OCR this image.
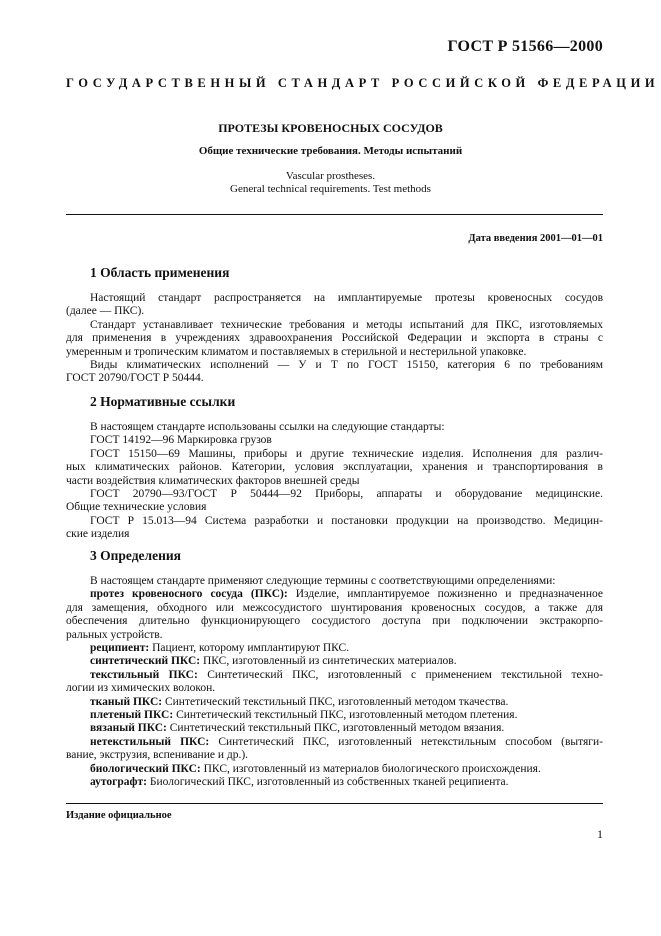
ГОСТ Р 51566—2000
ГОСУДАРСТВЕННЫЙ СТАНДАРТ РОССИЙСКОЙ ФЕДЕРАЦИИ
ПРОТЕЗЫ КРОВЕНОСНЫХ СОСУДОВ
Общие технические требования. Методы испытаний
Vascular prostheses.
General technical requirements. Test methods
Дата введения 2001—01—01
1 Область применения
Настоящий стандарт распространяется на имплантируемые протезы кровеносных сосудов
(далее — ПКС).
Стандарт устанавливает технические требования и методы испытаний для ПКС, изготовляемых
для применения в учреждениях здравоохранения Российской Федерации и экспорта в страны с
умеренным и тропическим климатом и поставляемых в стерильной и нестерильной упаковке.
Виды климатических исполнений — У и Т по ГОСТ 15150, категория 6 по требованиям
ГОСТ 20790/ГОСТ Р 50444.
2 Нормативные ссылки
В настоящем стандарте использованы ссылки на следующие стандарты:
ГОСТ 14192—96 Маркировка грузов
ГОСТ 15150—69 Машины, приборы и другие технические изделия. Исполнения для различ-
ных климатических районов. Категории, условия эксплуатации, хранения и транспортирования в
части воздействия климатических факторов внешней среды
ГОСТ 20790—93/ГОСТ Р 50444—92 Приборы, аппараты и оборудование медицинские.
Общие технические условия
ГОСТ Р 15.013—94 Система разработки и постановки продукции на производство. Медицин-
ские изделия
3 Определения
В настоящем стандарте применяют следующие термины с соответствующими определениями:
протез кровеносного сосуда (ПКС): Изделие, имплантируемое пожизненно и предназначенное
для замещения, обходного или межсосудистого шунтирования кровеносных сосудов, а также для
обеспечения длительно функционирующего сосудистого доступа при подключении экстракорпо-
ральных устройств.
реципиент: Пациент, которому имплантируют ПКС.
синтетический ПКС: ПКС, изготовленный из синтетических материалов.
текстильный ПКС: Синтетический ПКС, изготовленный с применением текстильной техно-
логии из химических волокон.
тканый ПКС: Синтетический текстильный ПКС, изготовленный методом ткачества.
плетеный ПКС: Синтетический текстильный ПКС, изготовленный методом плетения.
вязаный ПКС: Синтетический текстильный ПКС, изготовленный методом вязания.
нетекстильный ПКС: Синтетический ПКС, изготовленный нетекстильным способом (вытяги-
вание, экструзия, вспенивание и др.).
биологический ПКС: ПКС, изготовленный из материалов биологического происхождения.
аутографт: Биологический ПКС, изготовленный из собственных тканей реципиента.
Издание официальное
1
